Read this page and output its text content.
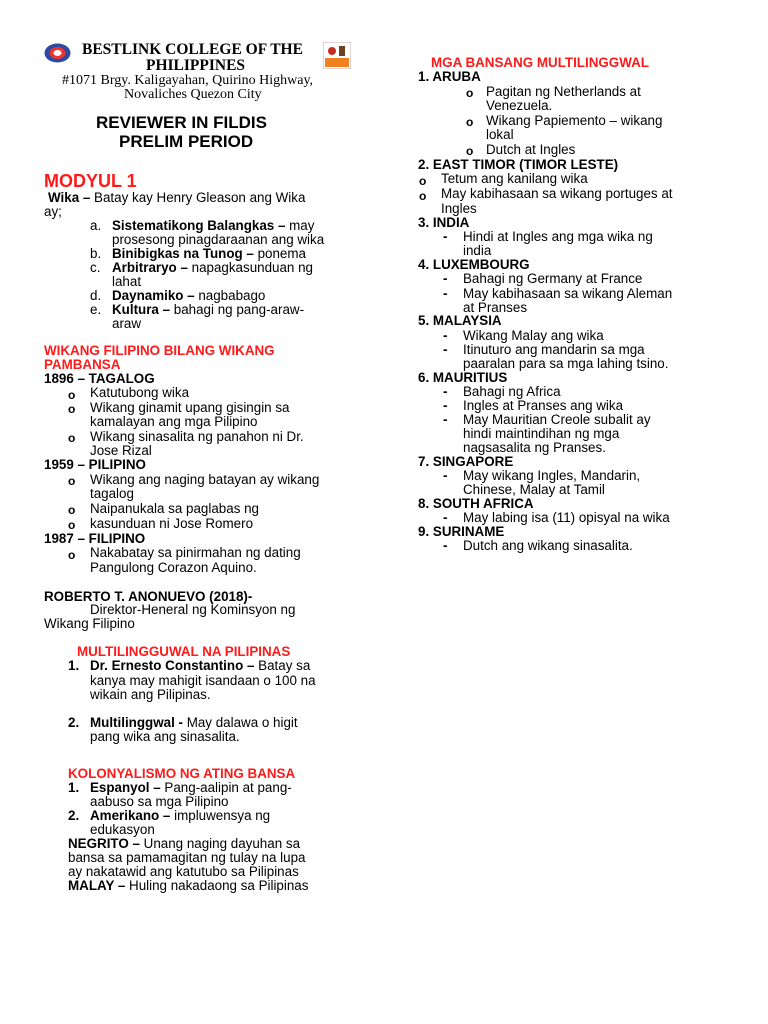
BESTLINK COLLEGE OF THE
PHILIPPINES
#1071 Brgy. Kaligayahan, Quirino Highway,
Novaliches Quezon City
REVIEWER IN FILDIS
PRELIM PERIOD
MODYUL 1
Wika – Batay kay Henry Gleason ang Wika
ay;
a. Sistematikong Balangkas – may
prosesong pinagdaraanan ang wika
b. Binibigkas na Tunog – ponema
c. Arbitraryo – napagkasunduan ng
lahat
d. Daynamiko – nagbabago
e. Kultura – bahagi ng pang-araw-
araw
WIKANG FILIPINO BILANG WIKANG
PAMBANSA
1896 – TAGALOG
o Katutubong wika
o Wikang ginamit upang gisingin sa
kamalayan ang mga Pilipino
o Wikang sinasalita ng panahon ni Dr.
Jose Rizal
1959 – PILIPINO
o Wikang ang naging batayan ay wikang
tagalog
o Naipanukala sa paglabas ng
o kasunduan ni Jose Romero
1987 – FILIPINO
o Nakabatay sa pinirmahan ng dating
Pangulong Corazon Aquino.
ROBERTO T. ANONUEVO (2018)-
Direktor-Heneral ng Kominsyon ng
Wikang Filipino
MULTILINGGUWAL NA PILIPINAS
1. Dr. Ernesto Constantino – Batay sa
kanya may mahigit isandaan o 100 na
wikain ang Pilipinas.
2. Multilinggwal - May dalawa o higit
pang wika ang sinasalita.
KOLONYALISMO NG ATING BANSA
1. Espanyol – Pang-aalipin at pang-
aabuso sa mga Pilipino
2. Amerikano – impluwensya ng
edukasyon
NEGRITO – Unang naging dayuhan sa
bansa sa pamamagitan ng tulay na lupa
ay nakatawid ang katutubo sa Pilipinas
MALAY – Huling nakadaong sa Pilipinas
MGA BANSANG MULTILINGGWAL
1. ARUBA
o Pagitan ng Netherlands at
Venezuela.
o Wikang Papiemento – wikang
lokal
o Dutch at Ingles
2. EAST TIMOR (TIMOR LESTE)
o Tetum ang kanilang wika
o May kabihasaan sa wikang portuges at
Ingles
3. INDIA
- Hindi at Ingles ang mga wika ng
india
4. LUXEMBOURG
- Bahagi ng Germany at France
- May kabihasaan sa wikang Aleman
at Pranses
5. MALAYSIA
- Wikang Malay ang wika
- Itinuturo ang mandarin sa mga
paaralan para sa mga lahing tsino.
6. MAURITIUS
- Bahagi ng Africa
- Ingles at Pranses ang wika
- May Mauritian Creole subalit ay
hindi maintindihan ng mga
nagsasalita ng Pranses.
7. SINGAPORE
- May wikang Ingles, Mandarin,
Chinese, Malay at Tamil
8. SOUTH AFRICA
- May labing isa (11) opisyal na wika
9. SURINAME
- Dutch ang wikang sinasalita.
